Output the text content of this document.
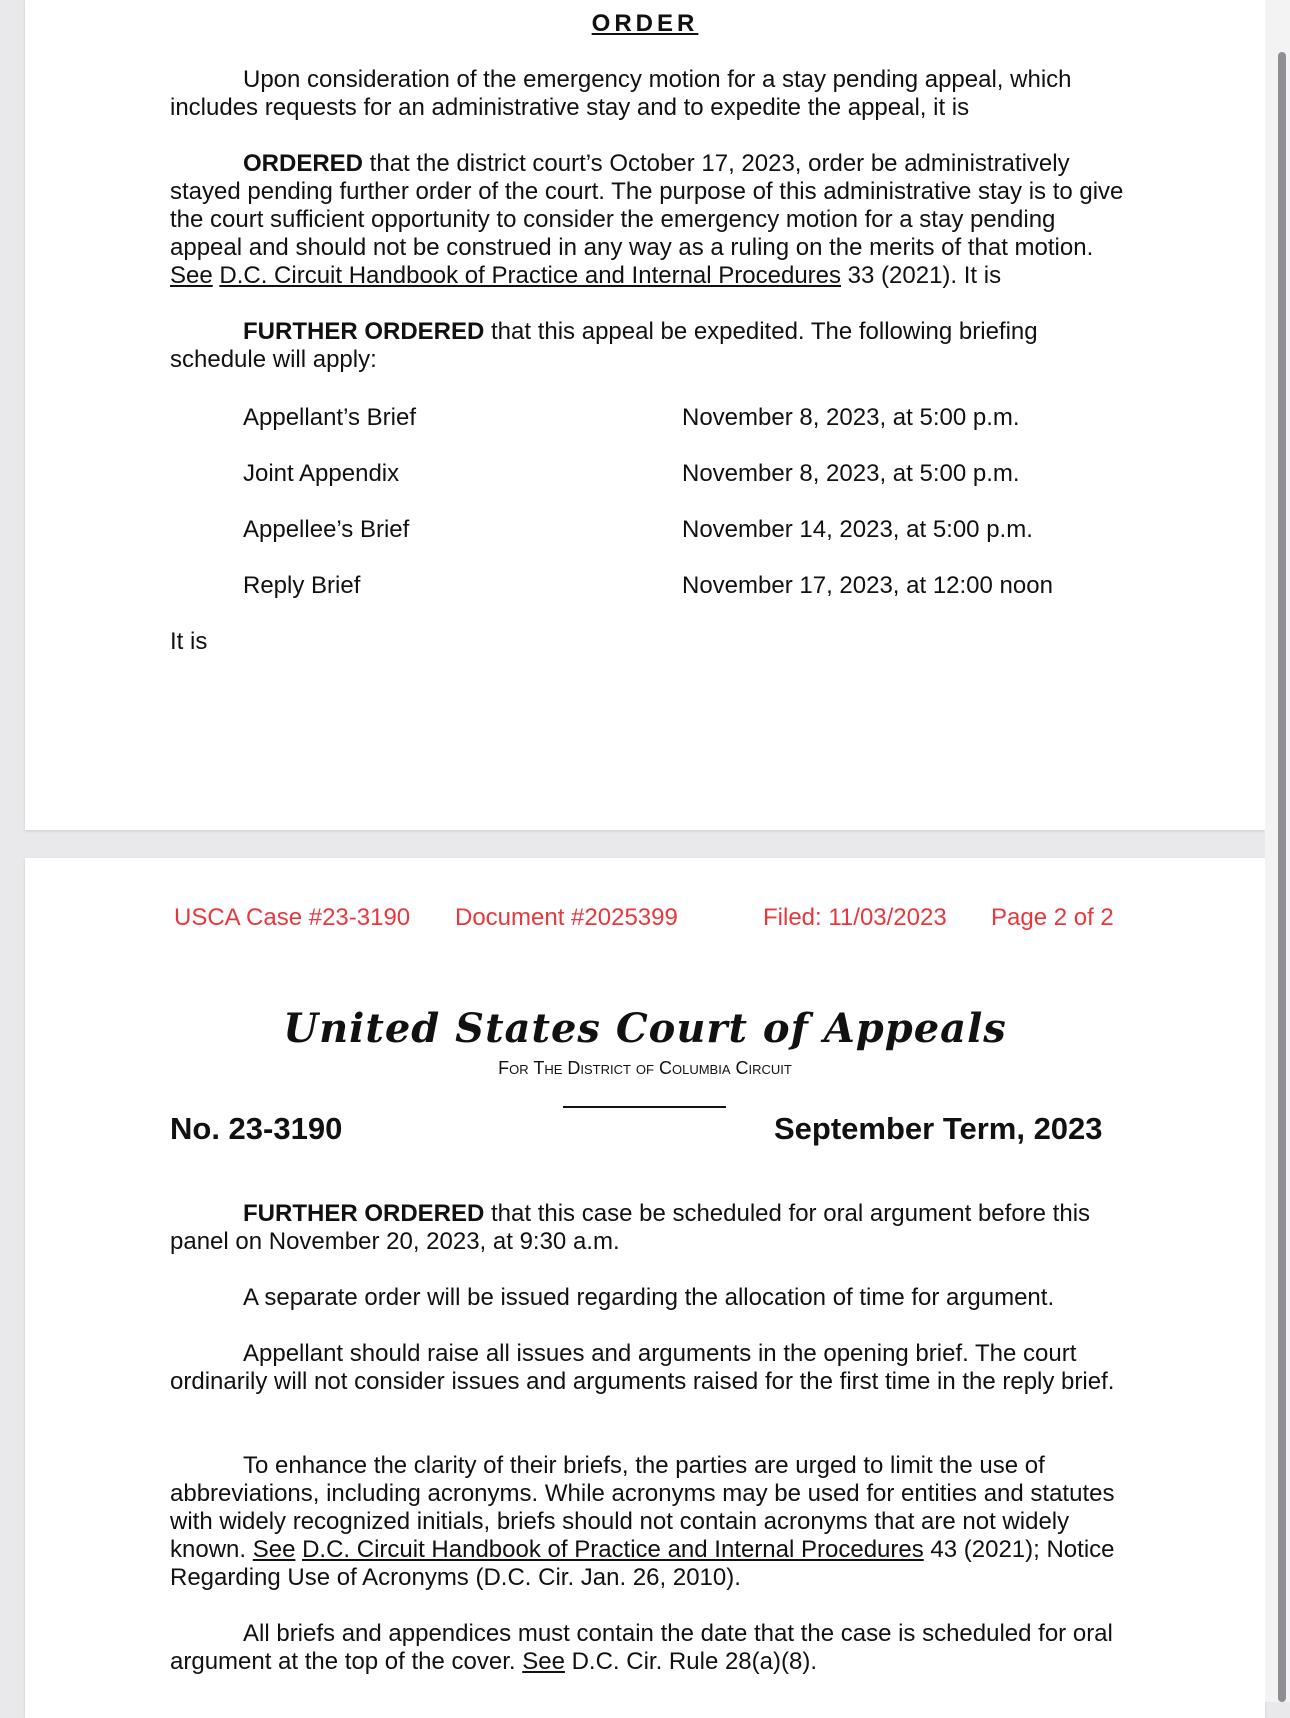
ORDER
Upon consideration of the emergency motion for a stay pending appeal, which includes requests for an administrative stay and to expedite the appeal, it is
ORDERED that the district court’s October 17, 2023, order be administratively stayed pending further order of the court. The purpose of this administrative stay is to give the court sufficient opportunity to consider the emergency motion for a stay pending appeal and should not be construed in any way as a ruling on the merits of that motion. See D.C. Circuit Handbook of Practice and Internal Procedures 33 (2021). It is
FURTHER ORDERED that this appeal be expedited. The following briefing schedule will apply:
Appellant’s Brief	November 8, 2023, at 5:00 p.m.
Joint Appendix	November 8, 2023, at 5:00 p.m.
Appellee’s Brief	November 14, 2023, at 5:00 p.m.
Reply Brief	November 17, 2023, at 12:00 noon
It is
USCA Case #23-3190 Document #2025399	Filed: 11/03/2023 Page 2 of 2
United States Court of Appeals
For The District of Columbia Circuit
No. 23-3190	September Term, 2023
FURTHER ORDERED that this case be scheduled for oral argument before this panel on November 20, 2023, at 9:30 a.m.
A separate order will be issued regarding the allocation of time for argument.
Appellant should raise all issues and arguments in the opening brief. The court ordinarily will not consider issues and arguments raised for the first time in the reply brief.
To enhance the clarity of their briefs, the parties are urged to limit the use of abbreviations, including acronyms. While acronyms may be used for entities and statutes with widely recognized initials, briefs should not contain acronyms that are not widely known. See D.C. Circuit Handbook of Practice and Internal Procedures 43 (2021); Notice Regarding Use of Acronyms (D.C. Cir. Jan. 26, 2010).
All briefs and appendices must contain the date that the case is scheduled for oral argument at the top of the cover. See D.C. Cir. Rule 28(a)(8).
